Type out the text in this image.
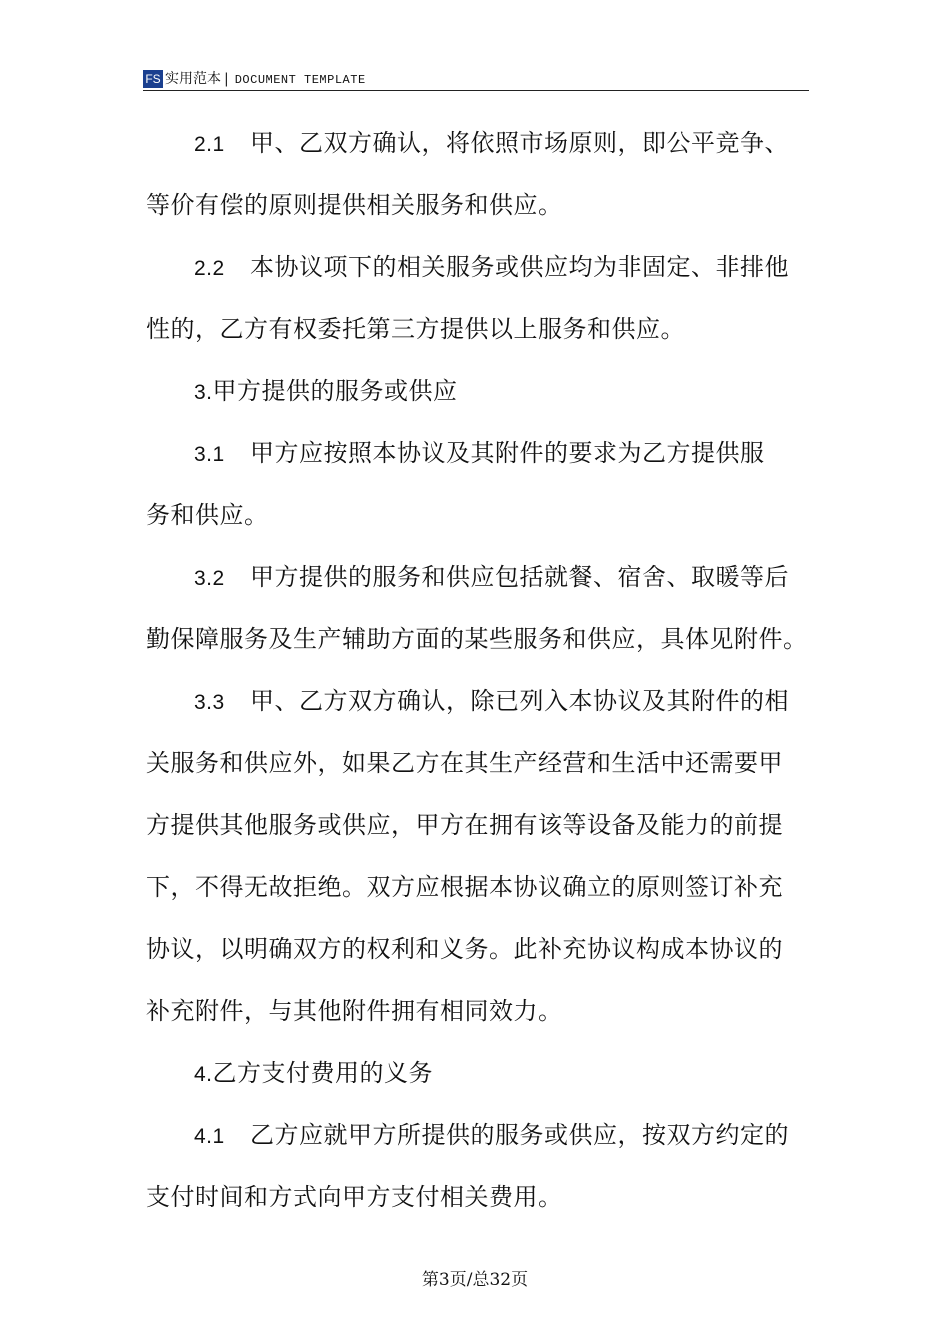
FS 实用范本 | DOCUMENT TEMPLATE
2.1 甲、乙双方确认，将依照市场原则，即公平竞争、
等价有偿的原则提供相关服务和供应。
2.2 本协议项下的相关服务或供应均为非固定、非排他
性的，乙方有权委托第三方提供以上服务和供应。
3.甲方提供的服务或供应
3.1 甲方应按照本协议及其附件的要求为乙方提供服
务和供应。
3.2 甲方提供的服务和供应包括就餐、宿舍、取暖等后
勤保障服务及生产辅助方面的某些服务和供应，具体见附件。
3.3 甲、乙方双方确认，除已列入本协议及其附件的相
关服务和供应外，如果乙方在其生产经营和生活中还需要甲
方提供其他服务或供应，甲方在拥有该等设备及能力的前提
下，不得无故拒绝。双方应根据本协议确立的原则签订补充
协议，以明确双方的权利和义务。此补充协议构成本协议的
补充附件，与其他附件拥有相同效力。
4.乙方支付费用的义务
4.1 乙方应就甲方所提供的服务或供应，按双方约定的
支付时间和方式向甲方支付相关费用。
第3页/总32页
